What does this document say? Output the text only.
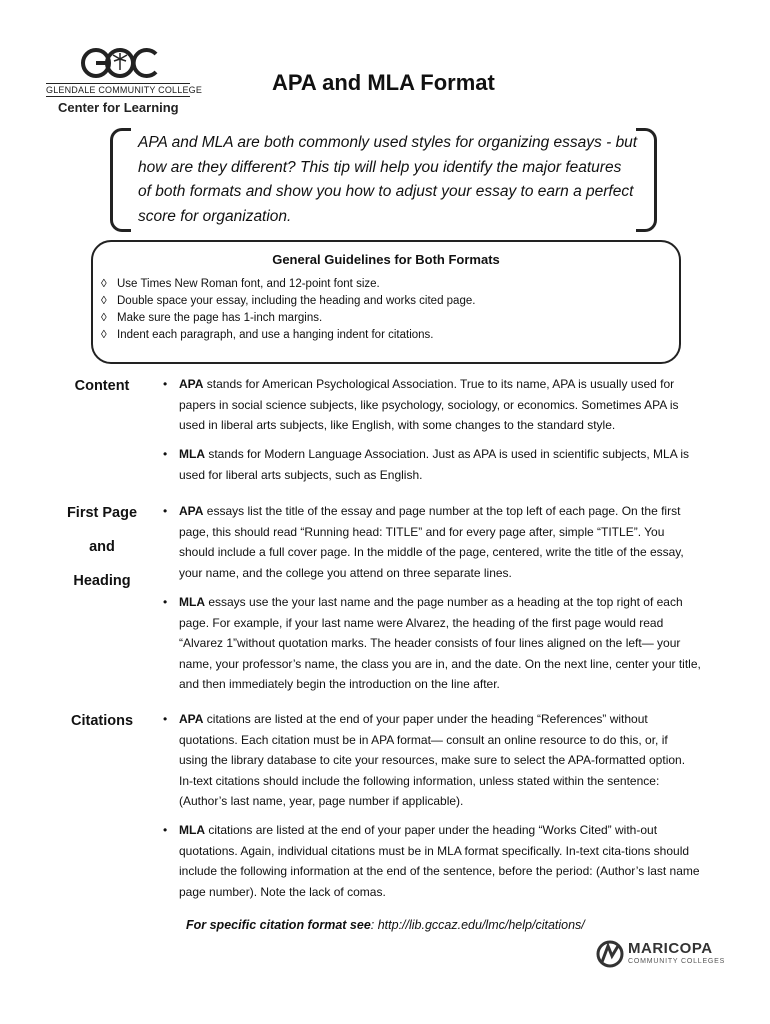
GLENDALE COMMUNITY COLLEGE
Center for Learning
APA and MLA Format
APA and MLA are both commonly used styles for organizing essays - but how are they different? This tip will help you identify the major features of both formats and show you how to adjust your essay to earn a perfect score for organization.
General Guidelines for Both Formats
◊ Use Times New Roman font, and 12-point font size.
◊ Double space your essay, including the heading and works cited page.
◊ Make sure the page has 1-inch margins.
◊ Indent each paragraph, and use a hanging indent for citations.
Content	• APA stands for American Psychological Association. True to its name, APA is usually used for papers in social science subjects, like psychology, sociology, or economics. Sometimes APA is used in liberal arts subjects, like English, with some changes to the standard style.
• MLA stands for Modern Language Association. Just as APA is used in scientific subjects, MLA is used for liberal arts subjects, such as English.
First Page
and
Heading
• APA essays list the title of the essay and page number at the top left of each page. On the first page, this should read “Running head: TITLE” and for every page after, simple “TITLE”. You should include a full cover page. In the middle of the page, centered, write the title of the essay, your name, and the college you attend on three separate lines.
• MLA essays use the your last name and the page number as a heading at the top right of each page. For example, if your last name were Alvarez, the heading of the first page would read “Alvarez 1”without quotation marks. The header consists of four lines aligned on the left— your name, your professor’s name, the class you are in, and the date. On the next line, center your title, and then immediately begin the introduction on the line after.
Citations	• APA citations are listed at the end of your paper under the heading “References” without quotations. Each citation must be in APA format— consult an online resource to do this, or, if using the library database to cite your resources, make sure to select the APA-formatted option. In-text citations should include the following information, unless stated within the sentence: (Author’s last name, year, page number if applicable).
• MLA citations are listed at the end of your paper under the heading “Works Cited” with-out quotations. Again, individual citations must be in MLA format specifically. In-text cita-tions should include the following information at the end of the sentence, before the period: (Author’s last name page number). Note the lack of comas.
For specific citation format see: http://lib.gccaz.edu/lmc/help/citations/
MARICOPA
COMMUNITY COLLEGES
